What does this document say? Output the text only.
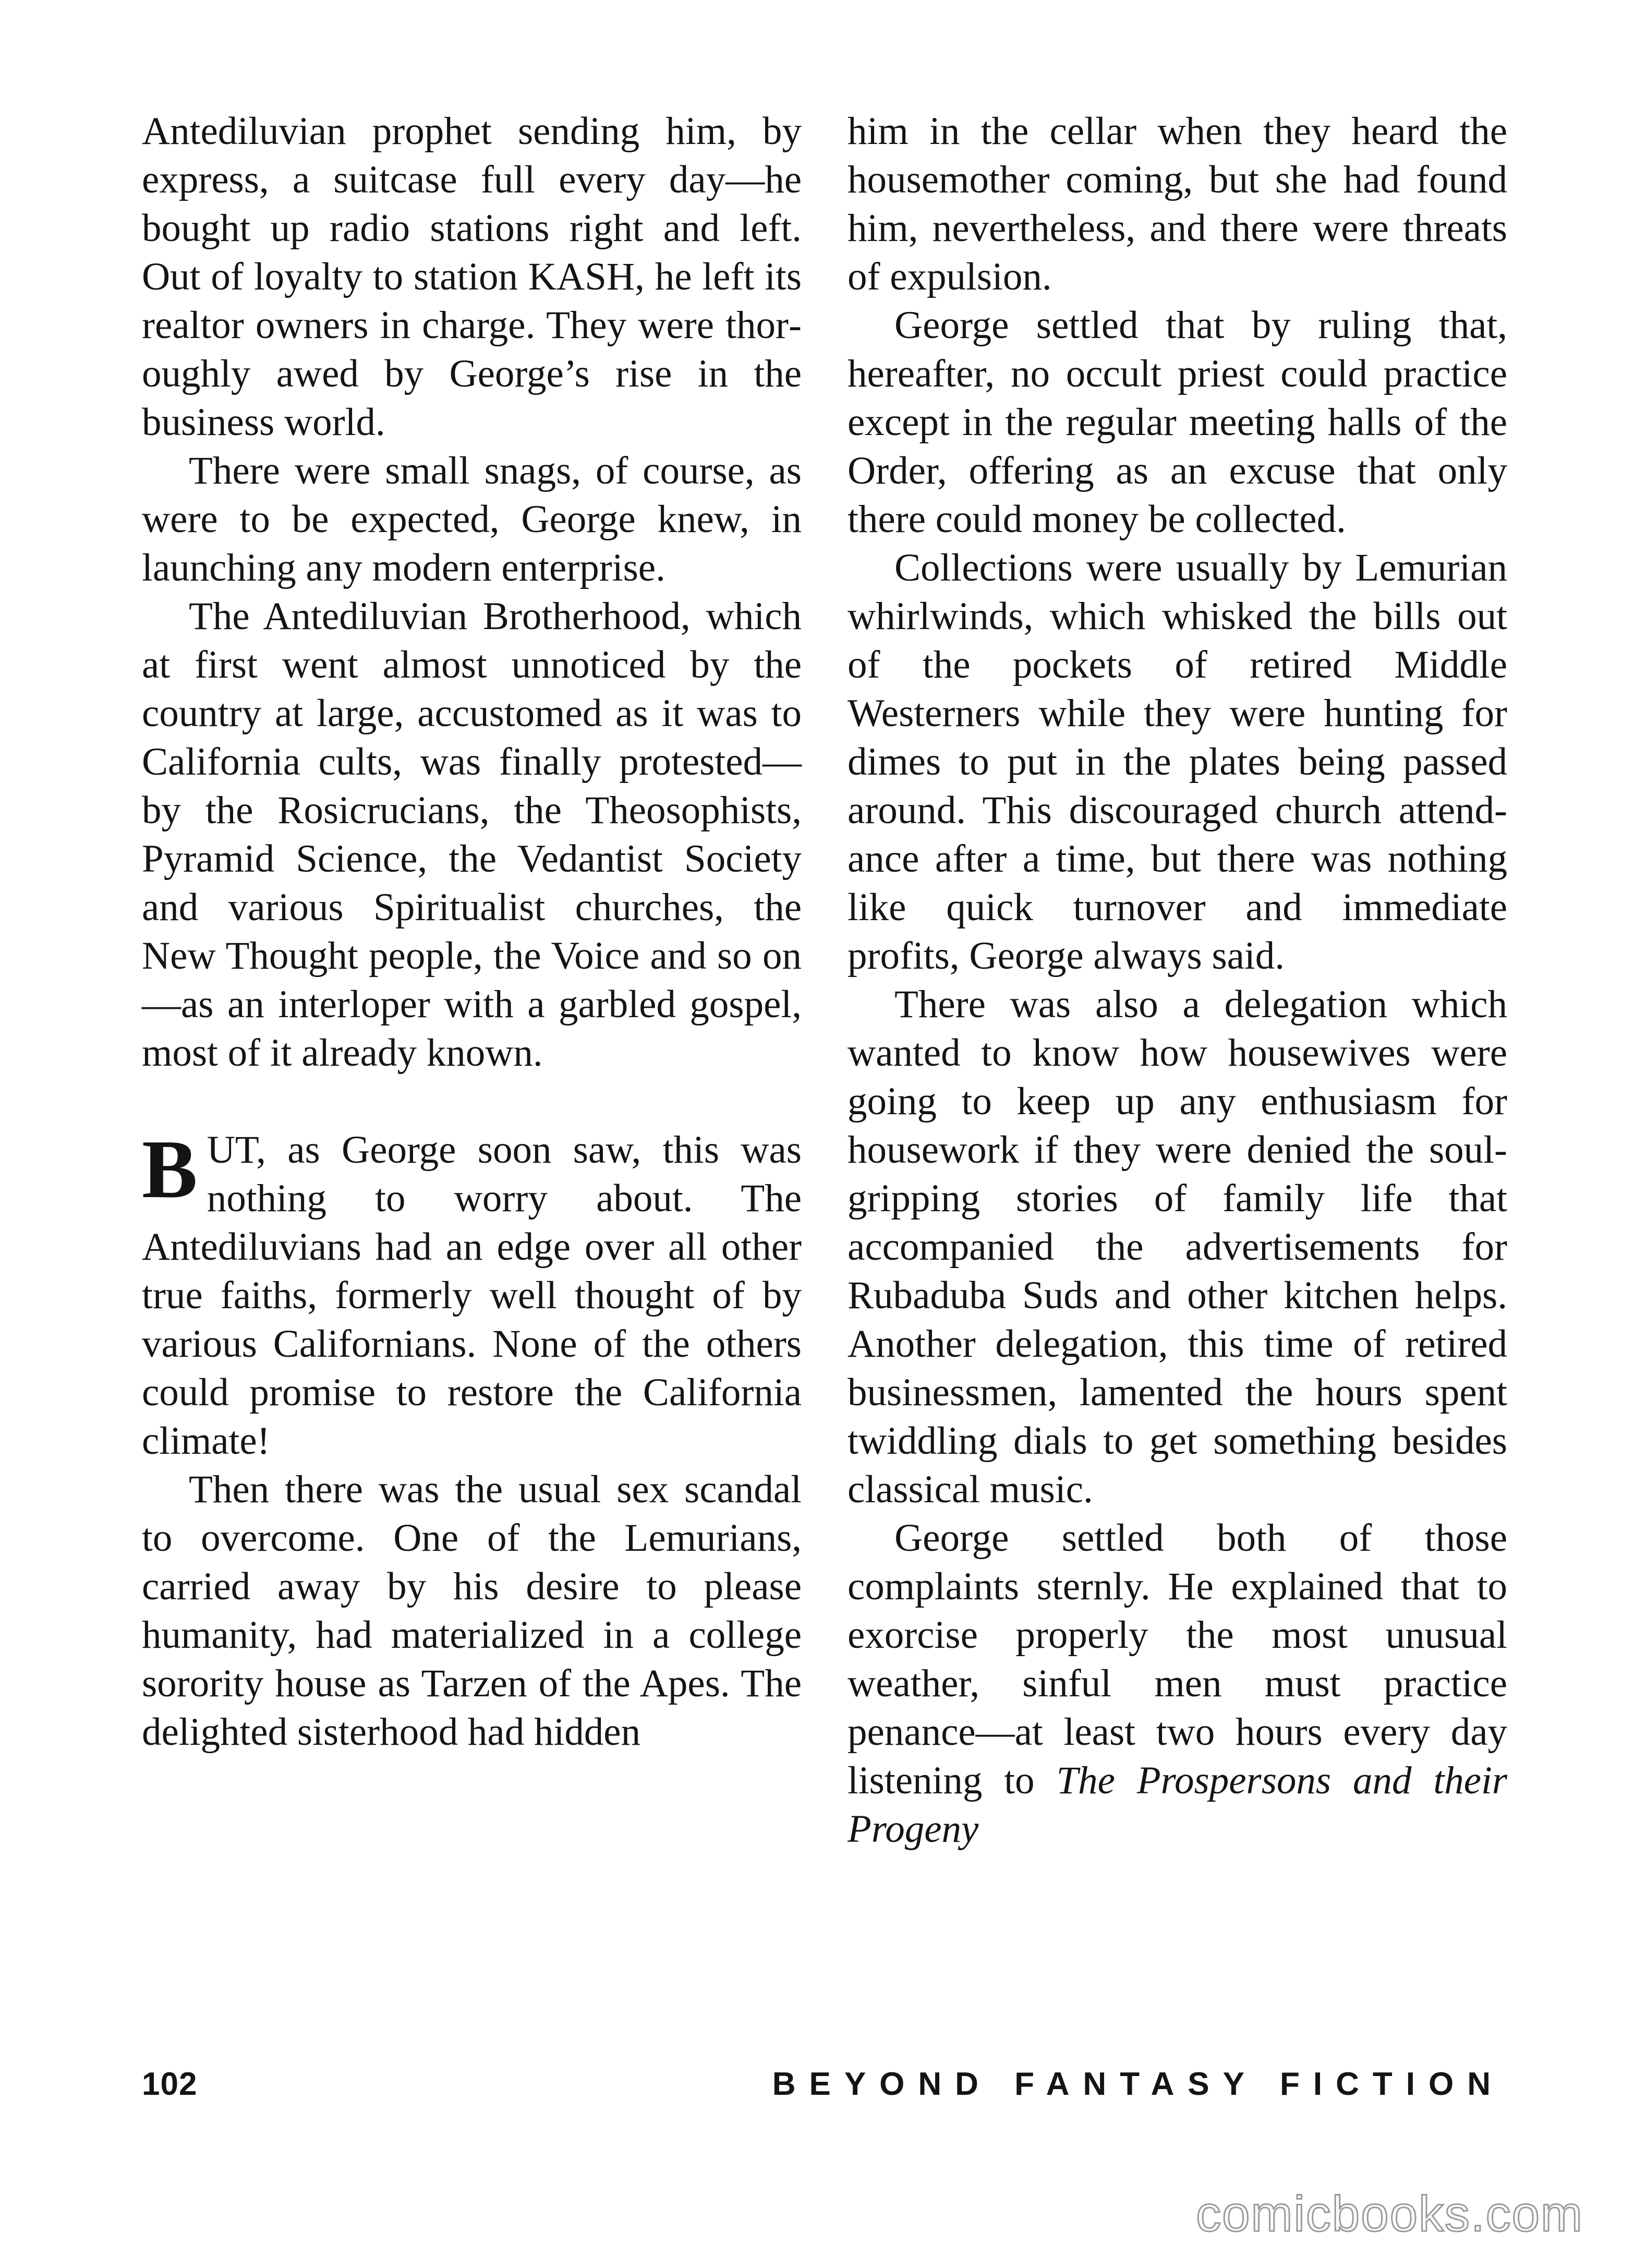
Antediluvian prophet sending him, by express, a suitcase full every day—he bought up radio stations right and left. Out of loyalty to station KASH, he left its realtor owners in charge. They were thoroughly awed by George’s rise in the business world.

There were small snags, of course, as were to be expected, George knew, in launching any modern enterprise.

The Antediluvian Brotherhood, which at first went almost unnoticed by the country at large, accustomed as it was to California cults, was finally protested—by the Rosicrucians, the Theosophists, Pyramid Science, the Vedantist Society and various Spiritualist churches, the New Thought people, the Voice and so on—as an interloper with a garbled gospel, most of it already known.

BUT, as George soon saw, this was nothing to worry about. The Antediluvians had an edge over all other true faiths, formerly well thought of by various Californians. None of the others could promise to restore the California climate!

Then there was the usual sex scandal to overcome. One of the Lemurians, carried away by his desire to please humanity, had materialized in a college sorority house as Tarzen of the Apes. The delighted sisterhood had hidden

him in the cellar when they heard the housemother coming, but she had found him, nevertheless, and there were threats of expulsion.

George settled that by ruling that, hereafter, no occult priest could practice except in the regular meeting halls of the Order, offering as an excuse that only there could money be collected.

Collections were usually by Lemurian whirlwinds, which whisked the bills out of the pockets of retired Middle Westerners while they were hunting for dimes to put in the plates being passed around. This discouraged church attendance after a time, but there was nothing like quick turnover and immediate profits, George always said.

There was also a delegation which wanted to know how housewives were going to keep up any enthusiasm for housework if they were denied the soul-gripping stories of family life that accompanied the advertisements for Rubaduba Suds and other kitchen helps. Another delegation, this time of retired businessmen, lamented the hours spent twiddling dials to get something besides classical music.

George settled both of those complaints sternly. He explained that to exorcise properly the most unusual weather, sinful men must practice penance—at least two hours every day listening to The Prospersons and their Progeny

102	BEYOND FANTASY FICTION
comicbooks.com
